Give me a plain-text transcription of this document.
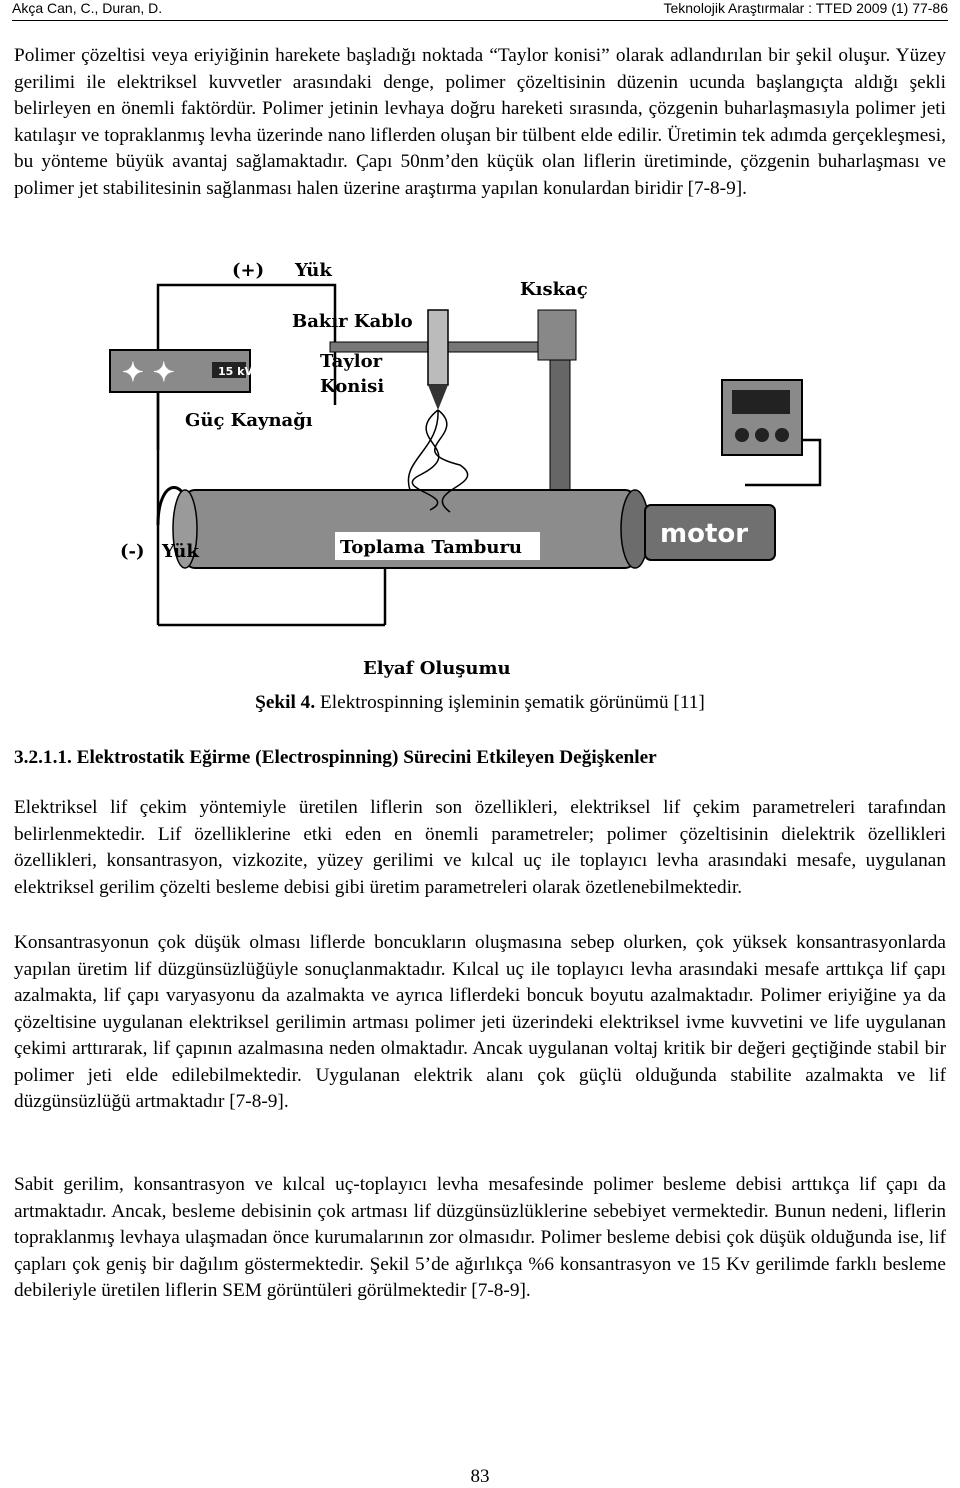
Akça Can, C., Duran, D.	Teknolojik Araştırmalar : TTED 2009 (1) 77-86

Polimer çözeltisi veya eriyiğinin harekete başladığı noktada “Taylor konisi” olarak adlandırılan bir şekil oluşur. Yüzey gerilimi ile elektriksel kuvvetler arasındaki denge, polimer çözeltisinin düzenin ucunda başlangıçta aldığı şekli belirleyen en önemli faktördür. Polimer jetinin levhaya doğru hareketi sırasında, çözgenin buharlaşmasıyla polimer jeti katılaşır ve topraklanmış levha üzerinde nano liflerden oluşan bir tülbent elde edilir. Üretimin tek adımda gerçekleşmesi, bu yönteme büyük avantaj sağlamaktadır. Çapı 50nm’den küçük olan liflerin üretiminde, çözgenin buharlaşması ve polimer jet stabilitesinin sağlanması halen üzerine araştırma yapılan konulardan biridir [7-8-9].

✦ ✦	15 kV
motor
(+) Yük
Bakır Kablo
Kıskaç
Taylor
Konisi
Güç Kaynağı
(-) Yük	Toplama Tamburu
Elyaf Oluşumu
Şekil 4. Elektrospinning işleminin şematik görünümü [11]
3.2.1.1. Elektrostatik Eğirme (Electrospinning) Sürecini Etkileyen Değişkenler

Elektriksel lif çekim yöntemiyle üretilen liflerin son özellikleri, elektriksel lif çekim parametreleri tarafından belirlenmektedir. Lif özelliklerine etki eden en önemli parametreler; polimer çözeltisinin dielektrik özellikleri özellikleri, konsantrasyon, vizkozite, yüzey gerilimi ve kılcal uç ile toplayıcı levha arasındaki mesafe, uygulanan elektriksel gerilim çözelti besleme debisi gibi üretim parametreleri olarak özetlenebilmektedir.

Konsantrasyonun çok düşük olması liflerde boncukların oluşmasına sebep olurken, çok yüksek konsantrasyonlarda yapılan üretim lif düzgünsüzlüğüyle sonuçlanmaktadır. Kılcal uç ile toplayıcı levha arasındaki mesafe arttıkça lif çapı azalmakta, lif çapı varyasyonu da azalmakta ve ayrıca liflerdeki boncuk boyutu azalmaktadır. Polimer eriyiğine ya da çözeltisine uygulanan elektriksel gerilimin artması polimer jeti üzerindeki elektriksel ivme kuvvetini ve life uygulanan çekimi arttırarak, lif çapının azalmasına neden olmaktadır. Ancak uygulanan voltaj kritik bir değeri geçtiğinde stabil bir polimer jeti elde edilebilmektedir. Uygulanan elektrik alanı çok güçlü olduğunda stabilite azalmakta ve lif düzgünsüzlüğü artmaktadır [7-8-9].

Sabit gerilim, konsantrasyon ve kılcal uç-toplayıcı levha mesafesinde polimer besleme debisi arttıkça lif çapı da artmaktadır. Ancak, besleme debisinin çok artması lif düzgünsüzlüklerine sebebiyet vermektedir. Bunun nedeni, liflerin topraklanmış levhaya ulaşmadan önce kurumalarının zor olmasıdır. Polimer besleme debisi çok düşük olduğunda ise, lif çapları çok geniş bir dağılım göstermektedir. Şekil 5’de ağırlıkça %6 konsantrasyon ve 15 Kv gerilimde farklı besleme debileriyle üretilen liflerin SEM görüntüleri görülmektedir [7-8-9].

83
